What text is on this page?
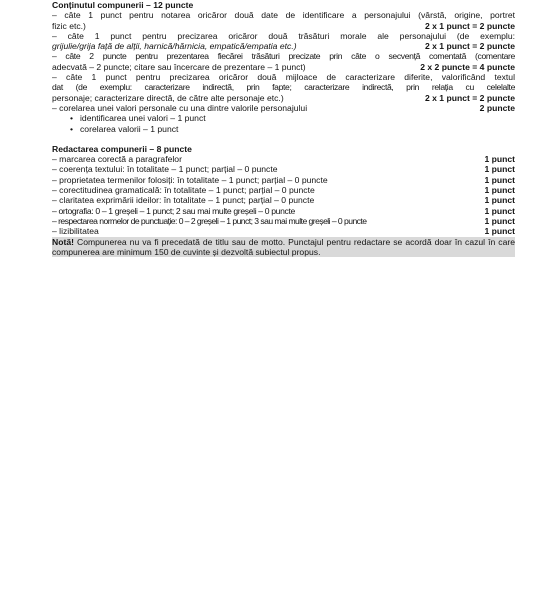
Conținutul compunerii – 12 puncte
– câte 1 punct pentru notarea oricăror două date de identificare a personajului (vârstă, origine, portret
fizic etc.)	2 x 1 punct = 2 puncte
– câte 1 punct pentru precizarea oricăror două trăsături morale ale personajului (de exemplu:
grijulie/grija față de alții, harnică/hărnicia, empatică/empatia etc.)	2 x 1 punct = 2 puncte
– câte 2 puncte pentru prezentarea fiecărei trăsături precizate prin câte o secvență comentată (comentare
adecvată – 2 puncte; citare sau încercare de prezentare – 1 punct)	2 x 2 puncte = 4 puncte
– câte 1 punct pentru precizarea oricăror două mijloace de caracterizare diferite, valorificând textul
dat (de exemplu: caracterizare indirectă, prin fapte; caracterizare indirectă, prin relația cu celelalte
personaje; caracterizare directă, de către alte personaje etc.)	2 x 1 punct = 2 puncte
– corelarea unei valori personale cu una dintre valorile personajului	2 puncte
• identificarea unei valori – 1 punct
• corelarea valorii – 1 punct
Redactarea compunerii – 8 puncte
– marcarea corectă a paragrafelor	1 punct
– coerența textului: în totalitate – 1 punct; parțial – 0 puncte	1 punct
– proprietatea termenilor folosiți: în totalitate – 1 punct; parțial – 0 puncte	1 punct
– corectitudinea gramaticală: în totalitate – 1 punct; parțial – 0 puncte	1 punct
– claritatea exprimării ideilor: în totalitate – 1 punct; parțial – 0 puncte	1 punct
– ortografia: 0 – 1 greșeli – 1 punct; 2 sau mai multe greșeli – 0 puncte	1 punct
– respectarea normelor de punctuație: 0 – 2 greșeli – 1 punct; 3 sau mai multe greșeli – 0 puncte	1 punct
– lizibilitatea	1 punct
Notă! Compunerea nu va fi precedată de titlu sau de motto. Punctajul pentru redactare se acordă doar în cazul în care compunerea are minimum 150 de cuvinte și dezvoltă subiectul propus.
